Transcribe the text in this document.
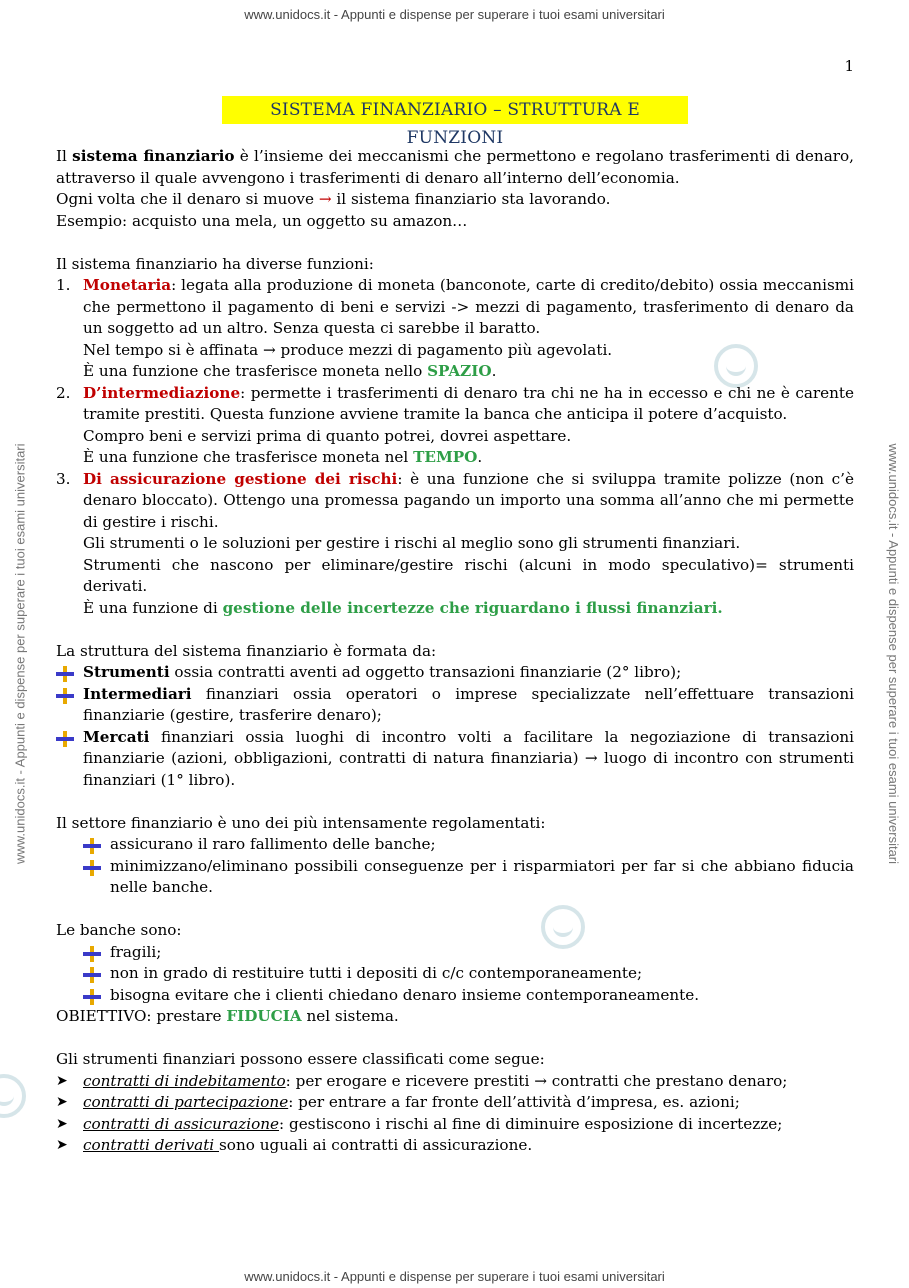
www.unidocs.it - Appunti e dispense per superare i tuoi esami universitari
www.unidocs.it - Appunti e dispense per superare i tuoi esami universitari
www.unidocs.it - Appunti e dispense per superare i tuoi esami universitari	www.unidocs.it - Appunti e dispense per superare i tuoi esami universitari
1
SISTEMA FINANZIARIO – STRUTTURA E FUNZIONI

Il sistema finanziario è l’insieme dei meccanismi che permettono e regolano trasferimenti di denaro, attraverso il quale avvengono i trasferimenti di denaro all’interno dell’economia.

Ogni volta che il denaro si muove → il sistema finanziario sta lavorando.

Esempio: acquisto una mela, un oggetto su amazon…

Il sistema finanziario ha diverse funzioni:

1. Monetaria: legata alla produzione di moneta (banconote, carte di credito/debito) ossia meccanismi che permettono il pagamento di beni e servizi -> mezzi di pagamento, trasferimento di denaro da un soggetto ad un altro. Senza questa ci sarebbe il baratto.
Nel tempo si è affinata → produce mezzi di pagamento più agevolati.
È una funzione che trasferisce moneta nello SPAZIO.
2. D’intermediazione: permette i trasferimenti di denaro tra chi ne ha in eccesso e chi ne è carente tramite prestiti. Questa funzione avviene tramite la banca che anticipa il potere d’acquisto.
Compro beni e servizi prima di quanto potrei, dovrei aspettare.
È una funzione che trasferisce moneta nel TEMPO.
3. Di assicurazione gestione dei rischi: è una funzione che si sviluppa tramite polizze (non c’è denaro bloccato). Ottengo una promessa pagando un importo una somma all’anno che mi permette di gestire i rischi.
Gli strumenti o le soluzioni per gestire i rischi al meglio sono gli strumenti finanziari.
Strumenti che nascono per eliminare/gestire rischi (alcuni in modo speculativo)= strumenti derivati.
È una funzione di gestione delle incertezze che riguardano i flussi finanziari.

La struttura del sistema finanziario è formata da:

Strumenti ossia contratti aventi ad oggetto transazioni finanziarie (2° libro);
Intermediari finanziari ossia operatori o imprese specializzate nell’effettuare transazioni finanziarie (gestire, trasferire denaro);
Mercati finanziari ossia luoghi di incontro volti a facilitare la negoziazione di transazioni finanziarie (azioni, obbligazioni, contratti di natura finanziaria) → luogo di incontro con strumenti finanziari (1° libro).

Il settore finanziario è uno dei più intensamente regolamentati:

assicurano il raro fallimento delle banche;
minimizzano/eliminano possibili conseguenze per i risparmiatori per far si che abbiano fiducia nelle banche.

Le banche sono:

fragili;
non in grado di restituire tutti i depositi di c/c contemporaneamente;
bisogna evitare che i clienti chiedano denaro insieme contemporaneamente.

OBIETTIVO: prestare FIDUCIA nel sistema.

Gli strumenti finanziari possono essere classificati come segue:

➤ contratti di indebitamento: per erogare e ricevere prestiti → contratti che prestano denaro;
➤ contratti di partecipazione: per entrare a far fronte dell’attività d’impresa, es. azioni;
➤ contratti di assicurazione: gestiscono i rischi al fine di diminuire esposizione di incertezze;
➤ contratti derivati sono uguali ai contratti di assicurazione.
